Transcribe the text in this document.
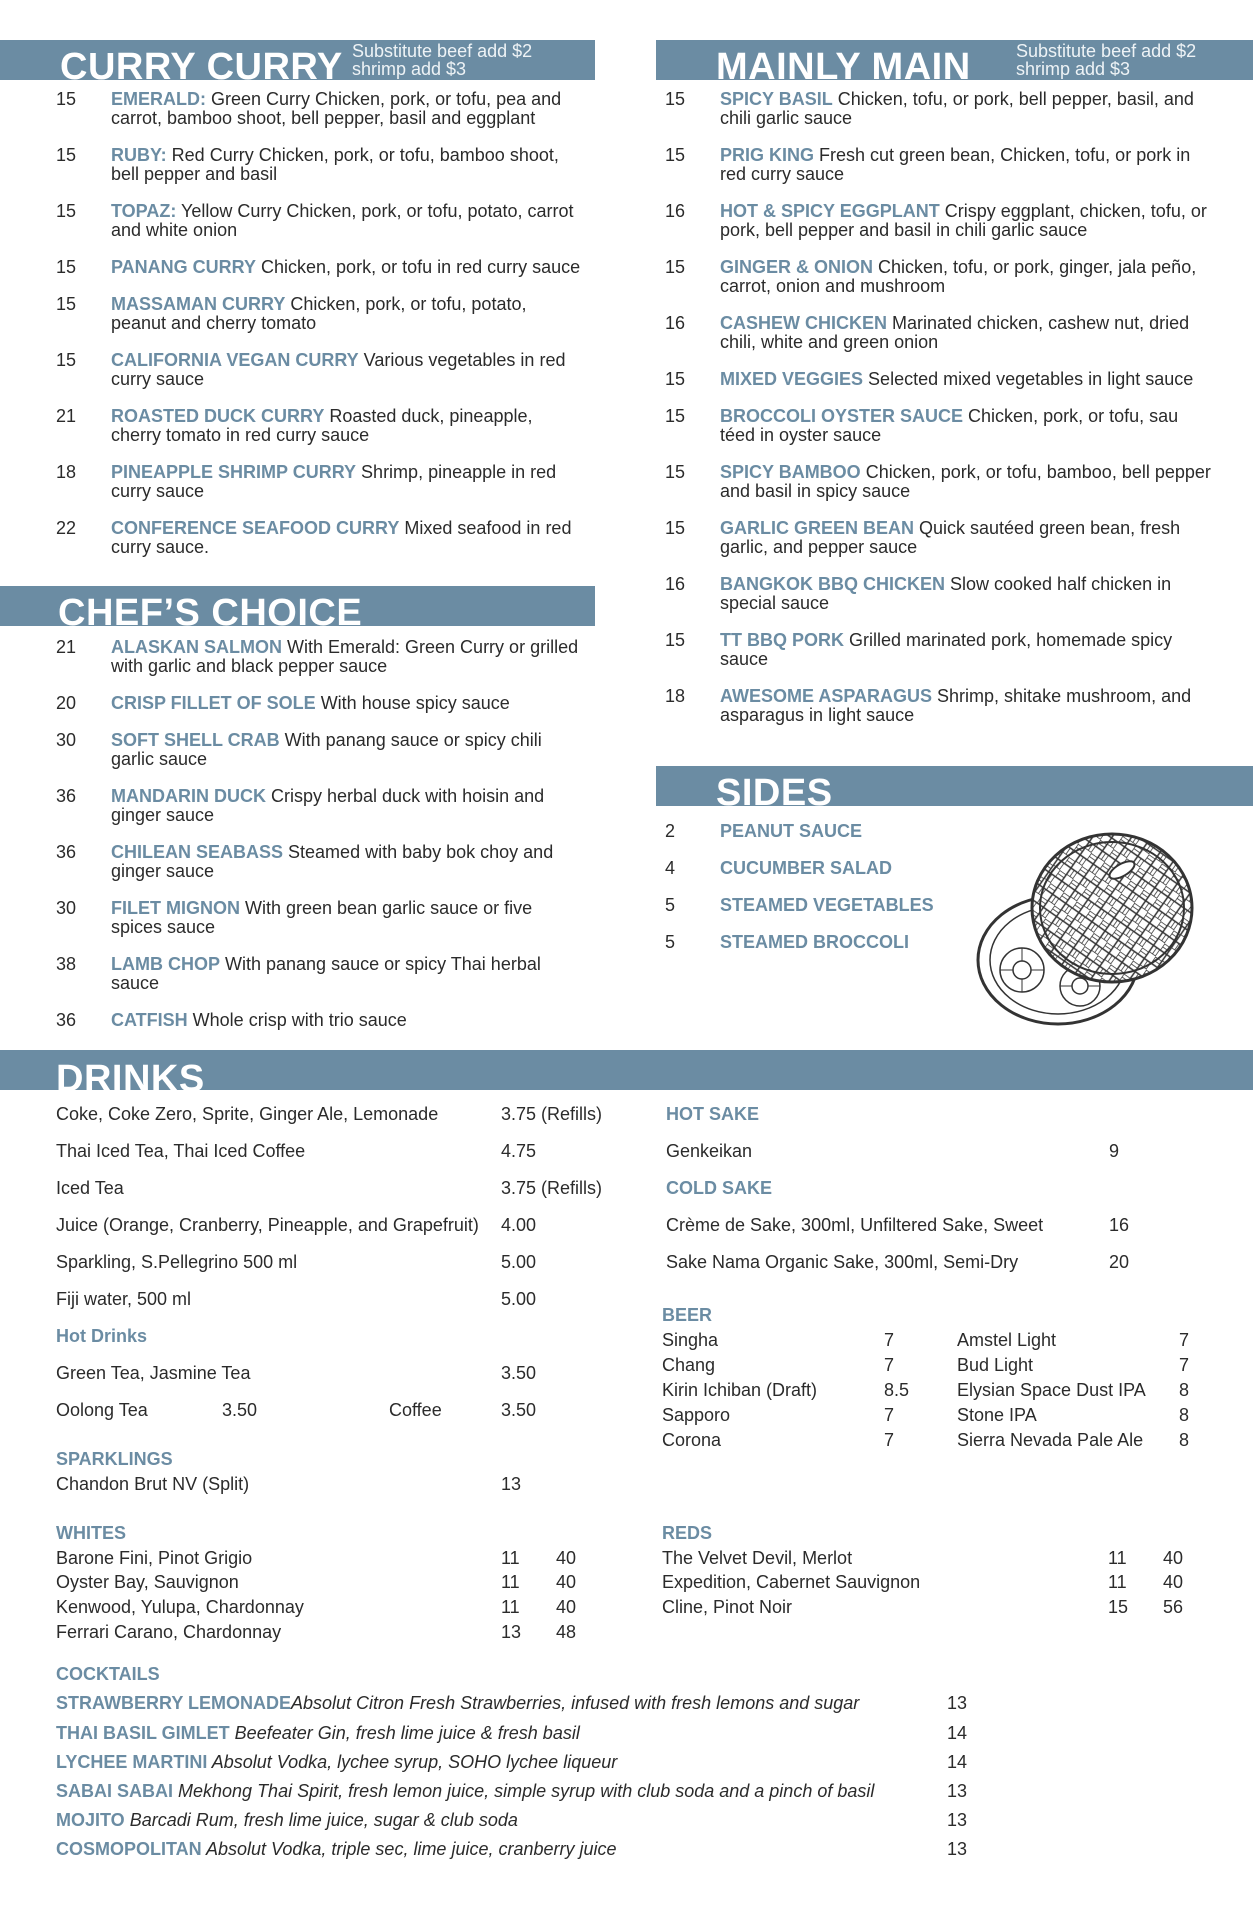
CURRY CURRY Substitute beef add $2
shrimp add $3
15	EMERALD: Green Curry Chicken, pork, or tofu, pea and carrot, bamboo shoot, bell pepper, basil and eggplant
15	RUBY: Red Curry Chicken, pork, or tofu, bamboo shoot, bell pepper and basil
15	TOPAZ: Yellow Curry Chicken, pork, or tofu, potato, carrot and white onion
15	PANANG CURRY Chicken, pork, or tofu in red curry sauce
15	MASSAMAN CURRY Chicken, pork, or tofu, potato, peanut and cherry tomato
15	CALIFORNIA VEGAN CURRY Various vegetables in red curry sauce
21	ROASTED DUCK CURRY Roasted duck, pineapple, cherry tomato in red curry sauce
18	PINEAPPLE SHRIMP CURRY Shrimp, pineapple in red curry sauce
22	CONFERENCE SEAFOOD CURRY Mixed seafood in red curry sauce.
CHEF’S CHOICE
21	ALASKAN SALMON With Emerald: Green Curry or grilled with garlic and black pepper sauce
20	CRISP FILLET OF SOLE With house spicy sauce
30	SOFT SHELL CRAB With panang sauce or spicy chili garlic sauce
36	MANDARIN DUCK Crispy herbal duck with hoisin and ginger sauce
36	CHILEAN SEABASS Steamed with baby bok choy and ginger sauce
30	FILET MIGNON With green bean garlic sauce or five spices sauce
38	LAMB CHOP With panang sauce or spicy Thai herbal sauce
36	CATFISH Whole crisp with trio sauce
MAINLY MAIN	Substitute beef add $2
shrimp add $3
15	SPICY BASIL Chicken, tofu, or pork, bell pepper, basil, and chili garlic sauce
15	PRIG KING Fresh cut green bean, Chicken, tofu, or pork in red curry sauce
16	HOT & SPICY EGGPLANT Crispy eggplant, chicken, tofu, or pork, bell pepper and basil in chili garlic sauce
15	GINGER & ONION Chicken, tofu, or pork, ginger, jala peño, carrot, onion and mushroom
16	CASHEW CHICKEN Marinated chicken, cashew nut, dried chili, white and green onion
15	MIXED VEGGIES Selected mixed vegetables in light sauce
15	BROCCOLI OYSTER SAUCE Chicken, pork, or tofu, sau téed in oyster sauce
15	SPICY BAMBOO Chicken, pork, or tofu, bamboo, bell pepper and basil in spicy sauce
15	GARLIC GREEN BEAN Quick sautéed green bean, fresh garlic, and pepper sauce
16	BANGKOK BBQ CHICKEN Slow cooked half chicken in special sauce
15	TT BBQ PORK Grilled marinated pork, homemade spicy sauce
18	AWESOME ASPARAGUS Shrimp, shitake mushroom, and asparagus in light sauce
SIDES
2	PEANUT SAUCE
4	CUCUMBER SALAD
5	STEAMED VEGETABLES
5	STEAMED BROCCOLI
DRINKS
Coke, Coke Zero, Sprite, Ginger Ale, Lemonade	3.75 (Refills)
Thai Iced Tea, Thai Iced Coffee	4.75
Iced Tea	3.75 (Refills)
Juice (Orange, Cranberry, Pineapple, and Grapefruit) 4.00
Sparkling, S.Pellegrino 500 ml	5.00
Fiji water, 500 ml	5.00
Hot Drinks
Green Tea, Jasmine Tea	3.50
Oolong Tea	3.50	Coffee	3.50
SPARKLINGS
Chandon Brut NV (Split)	13
WHITES
Barone Fini, Pinot Grigio	11 40
Oyster Bay, Sauvignon	11 40
Kenwood, Yulupa, Chardonnay	11 40
Ferrari Carano, Chardonnay	13 48
HOT SAKE
Genkeikan	9
COLD SAKE
Crème de Sake, 300ml, Unfiltered Sake, Sweet	16
Sake Nama Organic Sake, 300ml, Semi-Dry	20
BEER
Singha	7	Amstel Light	7
Chang	7	Bud Light	7
Kirin Ichiban (Draft)	8.5	Elysian Space Dust IPA 8
Sapporo	7	Stone IPA	8
Corona	7	Sierra Nevada Pale Ale 8
REDS
The Velvet Devil, Merlot	11 40
Expedition, Cabernet Sauvignon	11 40
Cline, Pinot Noir	15 56
COCKTAILS
STRAWBERRY LEMONADEAbsolut Citron Fresh Strawberries, infused with fresh lemons and sugar	13
THAI BASIL GIMLET Beefeater Gin, fresh lime juice & fresh basil	14
LYCHEE MARTINI Absolut Vodka, lychee syrup, SOHO lychee liqueur	14
SABAI SABAI Mekhong Thai Spirit, fresh lemon juice, simple syrup with club soda and a pinch of basil	13
MOJITO Barcadi Rum, fresh lime juice, sugar & club soda	13
COSMOPOLITAN Absolut Vodka, triple sec, lime juice, cranberry juice	13
